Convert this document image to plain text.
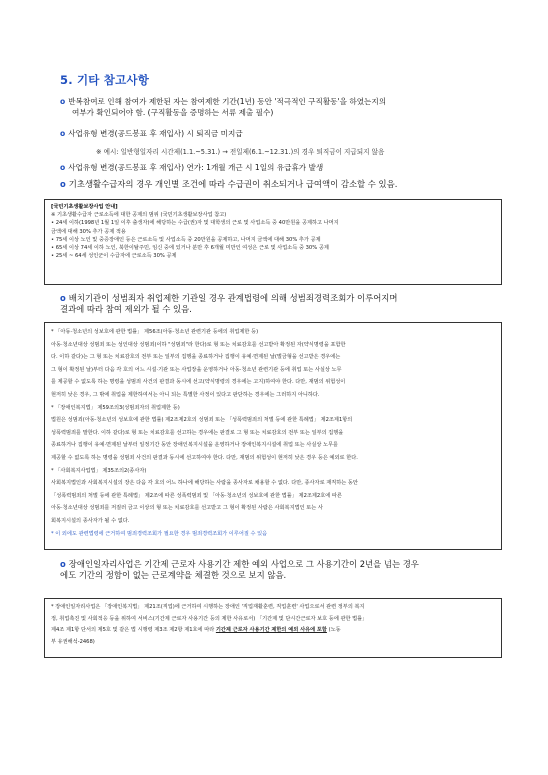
5. 기타 참고사항
o 반복참여로 인해 참여가 제한된 자는 참여제한 기간(1년) 동안 '적극적인 구직활동'을 하였는지의
여부가 확인되어야 함. (구직활동을 증명하는 서류 제출 필수)
o 사업유형 변경(공드봉표 후 재입사) 시 퇴직금 미지급
※ 예시: 일반형일자리 시간제(1.1.~5.31.) → 전일제(6.1.~12.31.)의 경우 퇴직금이 지급되지 않음
o 사업유형 변경(공드봉표 후 재입사) 연가: 1개월 개근 시 1일의 유급휴가 발생
o 기초생활수급자의 경우 개인별 조건에 따라 수급권이 취소되거나 급여액이 감소할 수 있음.

[국민기초생활보장사업 안내]

※ 기초생활수급자 근로소득에 대한 공제의 범위 (국민기초생활보장사업 참고)

• 24세 이하(1998년 1월 1일 이후 출생자)에 해당하는 수급(권)자 및 대학생의 근로 및 사업소득 중 40만원을 공제하고 나머지

금액에 대해 30% 추가 공제 적용

• 75세 이상 노인 및 중증장애인 등은 근로소득 및 사업소득 중 20만원을 공제하고, 나머지 금액에 대해 30% 추가 공제

• 65세 이상 74세 이하 노인, 북한이탈주민, 임신 중에 있거나 분만 후 6개월 미만인 여성은 근로 및 사업소득 중 30% 공제

• 25세 ~ 64세 성인군이 수급자에 근로소득 30% 공제

o 배치기관이 성범죄자 취업제한 기관일 경우 관계법령에 의해 성범죄경력조회가 이루어지며
결과에 따라 참여 제외가 될 수 있음.

* 「아동·청소년의 성보호에 관한 법률」 제56조(아동·청소년 관련기관 등에의 취업제한 등)

아동·청소년대상 성범죄 또는 성인대상 성범죄(이하 "성범죄"라 한다)로 형 또는 치료감호를 선고받아 확정된 자(약식명령을 포함한

다. 이하 같다)는 그 형 또는 치료감호의 전부 또는 일부의 집행을 종료하거나 집행이 유예·면제된 날(벌금형을 선고받은 경우에는

그 형이 확정된 날)부터 다음 각 호의 어느 시설·기관 또는 사업장을 운영하거나 아동·청소년 관련기관 등에 취업 또는 사실상 노무

를 제공할 수 없도록 하는 명령을 성범죄 사건의 판결과 동시에 선고(약식명령의 경우에는 고지)하여야 한다. 다만, 재범의 위험성이

현저히 낮은 경우, 그 밖에 취업을 제한하여서는 아니 되는 특별한 사정이 있다고 판단하는 경우에는 그러하지 아니하다.

* 「장애인복지법」 제59조의3(성범죄자의 취업제한 등)

법원은 성범죄(아동·청소년의 성보호에 관한 법률) 제2조제2호의 성범죄 또는 「성폭력범죄의 처벌 등에 관한 특례법」 제2조제1항의

성폭력범죄를 말한다. 이하 같다)로 형 또는 치료감호를 선고하는 경우에는 판결로 그 형 또는 치료감호의 전부 또는 일부의 집행을

종료하거나 집행이 유예·면제된 날부터 일정기간 동안 장애인복지시설을 운영하거나 장애인복지시설에 취업 또는 사실상 노무를

제공할 수 없도록 하는 명령을 성범죄 사건의 판결과 동시에 선고하여야 한다. 다만, 재범의 위험성이 현저히 낮은 경우 등은 예외로 한다.

* 「사회복지사업법」 제35조의2(종사자)

사회복지법인과 사회복지시설의 장은 다음 각 호의 어느 하나에 해당하는 사람을 종사자로 채용할 수 없다. 다만, 종사자로 재직하는 동안

「성폭력범죄의 처벌 등에 관한 특례법」 제2조에 따른 성폭력범죄 및 「아동·청소년의 성보호에 관한 법률」 제2조제2호에 따른

아동·청소년대상 성범죄를 저질러 금고 이상의 형 또는 치료감호를 선고받고 그 형이 확정된 사람은 사회복지법인 또는 사

회복지시설의 종사자가 될 수 없다.

* 이 외에도 관련법령에 근거하여 범죄경력조회가 필요한 경우 범죄경력조회가 이루어질 수 있음

o 장애인일자리사업은 기간제 근로자 사용기간 제한 예외 사업으로 그 사용기간이 2년을 넘는 경우
에도 기간의 정함이 없는 근로계약을 체결한 것으로 보지 않음.

* 장애인일자리사업은 「장애인복지법」 제21조(직업)에 근거하여 시행하는 장애인 '직업재활훈련, 직업훈련' 사업으로서 관련 정부의 복지

정, 취업촉진 및 사회적응 등을 위하여 서비스(기간제 근로자 사용기간 등의 제한 사유로서) 「기간제 및 단시간근로자 보호 등에 관한 법률」

제4조 제1항 단서의 제5호 및 같은 법 시행령 제3조 제2항 제1호에 따라 기간제 근로자 사용기간 제한의 예외 사유에 포함 (노동

부 유권해석-2468)
